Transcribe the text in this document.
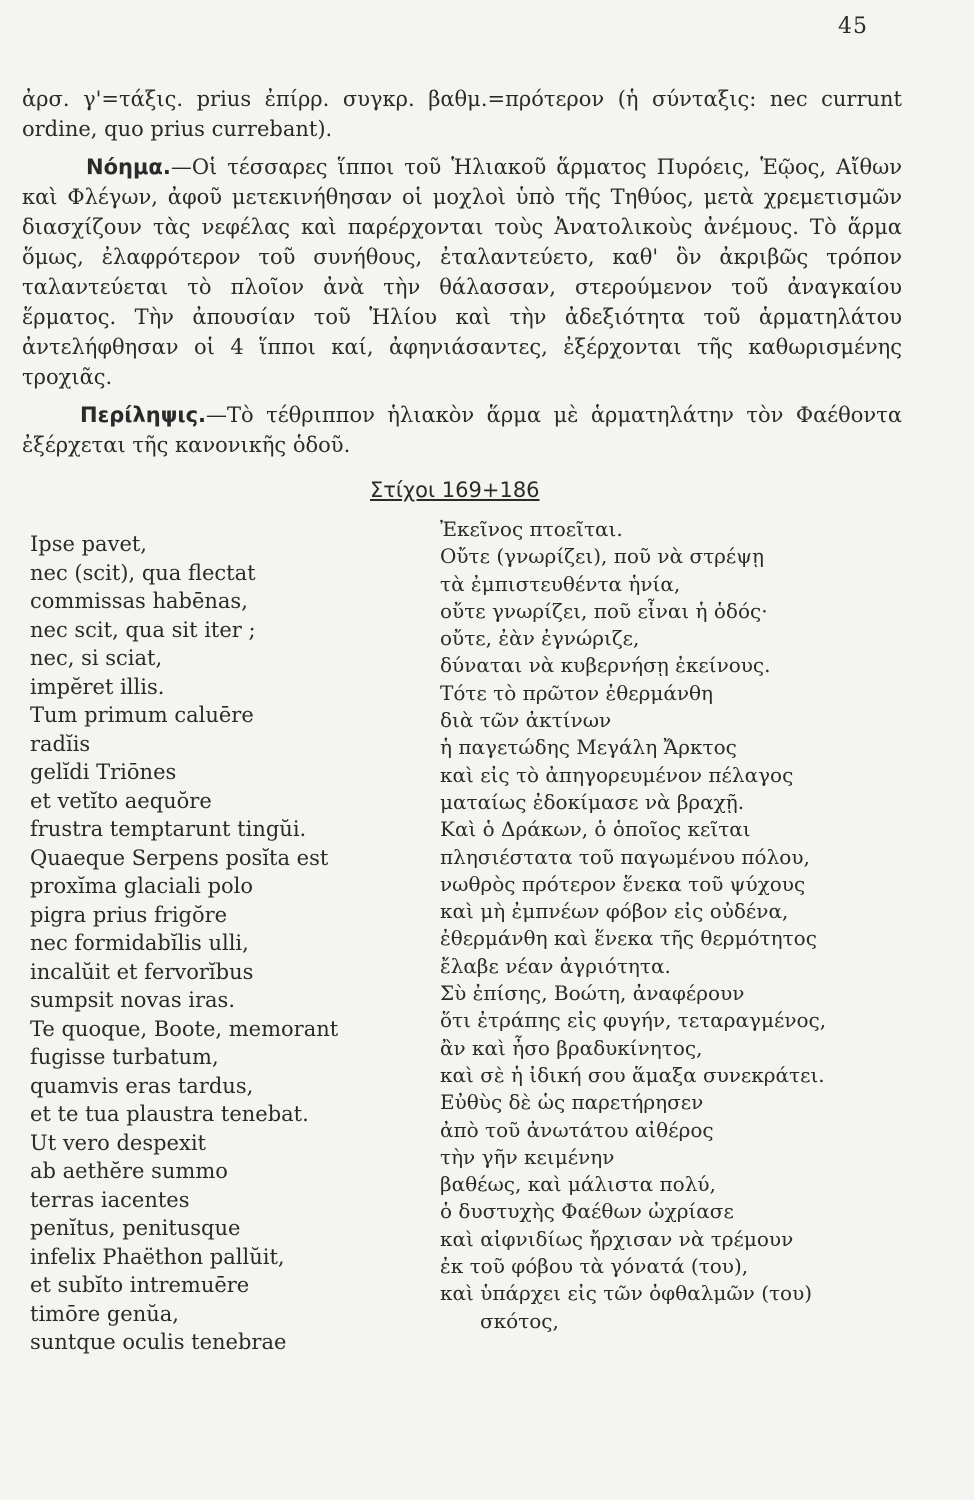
45

ἀρσ. γ'=τάξις. prius ἐπίρρ. συγκρ. βαθμ.=πρότερον (ἡ σύνταξις: nec currunt ordine, quo prius currebant).

Νόημα.—Οἱ τέσσαρες ἵπποι τοῦ Ἡλιακοῦ ἅρματος Πυρόεις, Ἑῷος, Αἴθων καὶ Φλέγων, ἀφοῦ μετεκινήθησαν οἱ μοχλοὶ ὑπὸ τῆς Τηθύος, μετὰ χρεμετισμῶν διασχίζουν τὰς νεφέλας καὶ παρέρχονται τοὺς Ἀνατολικοὺς ἀνέμους. Τὸ ἅρμα ὅμως, ἐλαφρότερον τοῦ συνήθους, ἐταλαντεύετο, καθ' ὃν ἀκριβῶς τρόπον ταλαντεύεται τὸ πλοῖον ἀνὰ τὴν θάλασσαν, στερούμενον τοῦ ἀναγκαίου ἕρματος. Τὴν ἀπουσίαν τοῦ Ἡλίου καὶ τὴν ἀδεξιότητα τοῦ ἁρματηλάτου ἀντελήφθησαν οἱ 4 ἵπποι καί, ἀφηνιάσαντες, ἐξέρχονται τῆς καθωρισμένης τροχιᾶς.

Περίληψις.—Τὸ τέθριππον ἡλιακὸν ἅρμα μὲ ἁρματηλάτην τὸν Φαέθοντα ἐξέρχεται τῆς κανονικῆς ὁδοῦ.

Στίχοι 169+186
Ipse pavet,
nec (scit), qua flectat
commissas habēnas,
nec scit, qua sit iter ;
nec, si sciat,
impĕret illis.
Tum primum caluēre
radĭis
gelĭdi Triōnes
et vetĭto aequŏre
frustra temptarunt tingŭi.
Quaeque Serpens posĭta est
proxĭma glaciali polo
pigra prius frigŏre
nec formidabĭlis ulli,
incalŭit et fervorĭbus
sumpsit novas iras.
Te quoque, Boote, memorant
fugisse turbatum,
quamvis eras tardus,
et te tua plaustra tenebat.
Ut vero despexit
ab aethĕre summo
terras iacentes
penĭtus, penitusque
infelix Phaëthon pallŭit,
et subĭto intremuēre
timōre genŭa,
suntque oculis tenebrae
Ἐκεῖνος πτοεῖται.
Οὔτε (γνωρίζει), ποῦ νὰ στρέψῃ
τὰ ἐμπιστευθέντα ἡνία,
οὔτε γνωρίζει, ποῦ εἶναι ἡ ὁδός·
οὔτε, ἐὰν ἐγνώριζε,
δύναται νὰ κυβερνήσῃ ἐκείνους.
Τότε τὸ πρῶτον ἐθερμάνθη
διὰ τῶν ἀκτίνων
ἡ παγετώδης Μεγάλη Ἄρκτος
καὶ εἰς τὸ ἀπηγορευμένον πέλαγος
ματαίως ἐδοκίμασε νὰ βραχῇ.
Καὶ ὁ Δράκων, ὁ ὁποῖος κεῖται
πλησιέστατα τοῦ παγωμένου πόλου,
νωθρὸς πρότερον ἕνεκα τοῦ ψύχους
καὶ μὴ ἐμπνέων φόβον εἰς οὐδένα,
ἐθερμάνθη καὶ ἕνεκα τῆς θερμότητος
ἔλαβε νέαν ἀγριότητα.
Σὺ ἐπίσης, Βοώτη, ἀναφέρουν
ὅτι ἐτράπης εἰς φυγήν, τεταραγμένος,
ἂν καὶ ἦσο βραδυκίνητος,
καὶ σὲ ἡ ἰδική σου ἅμαξα συνεκράτει.
Εὐθὺς δὲ ὡς παρετήρησεν
ἀπὸ τοῦ ἀνωτάτου αἰθέρος
τὴν γῆν κειμένην
βαθέως, καὶ μάλιστα πολύ,
ὁ δυστυχὴς Φαέθων ὠχρίασε
καὶ αἰφνιδίως ἤρχισαν νὰ τρέμουν
ἐκ τοῦ φόβου τὰ γόνατά (του),
καὶ ὑπάρχει εἰς τῶν ὀφθαλμῶν (του)
σκότος,
